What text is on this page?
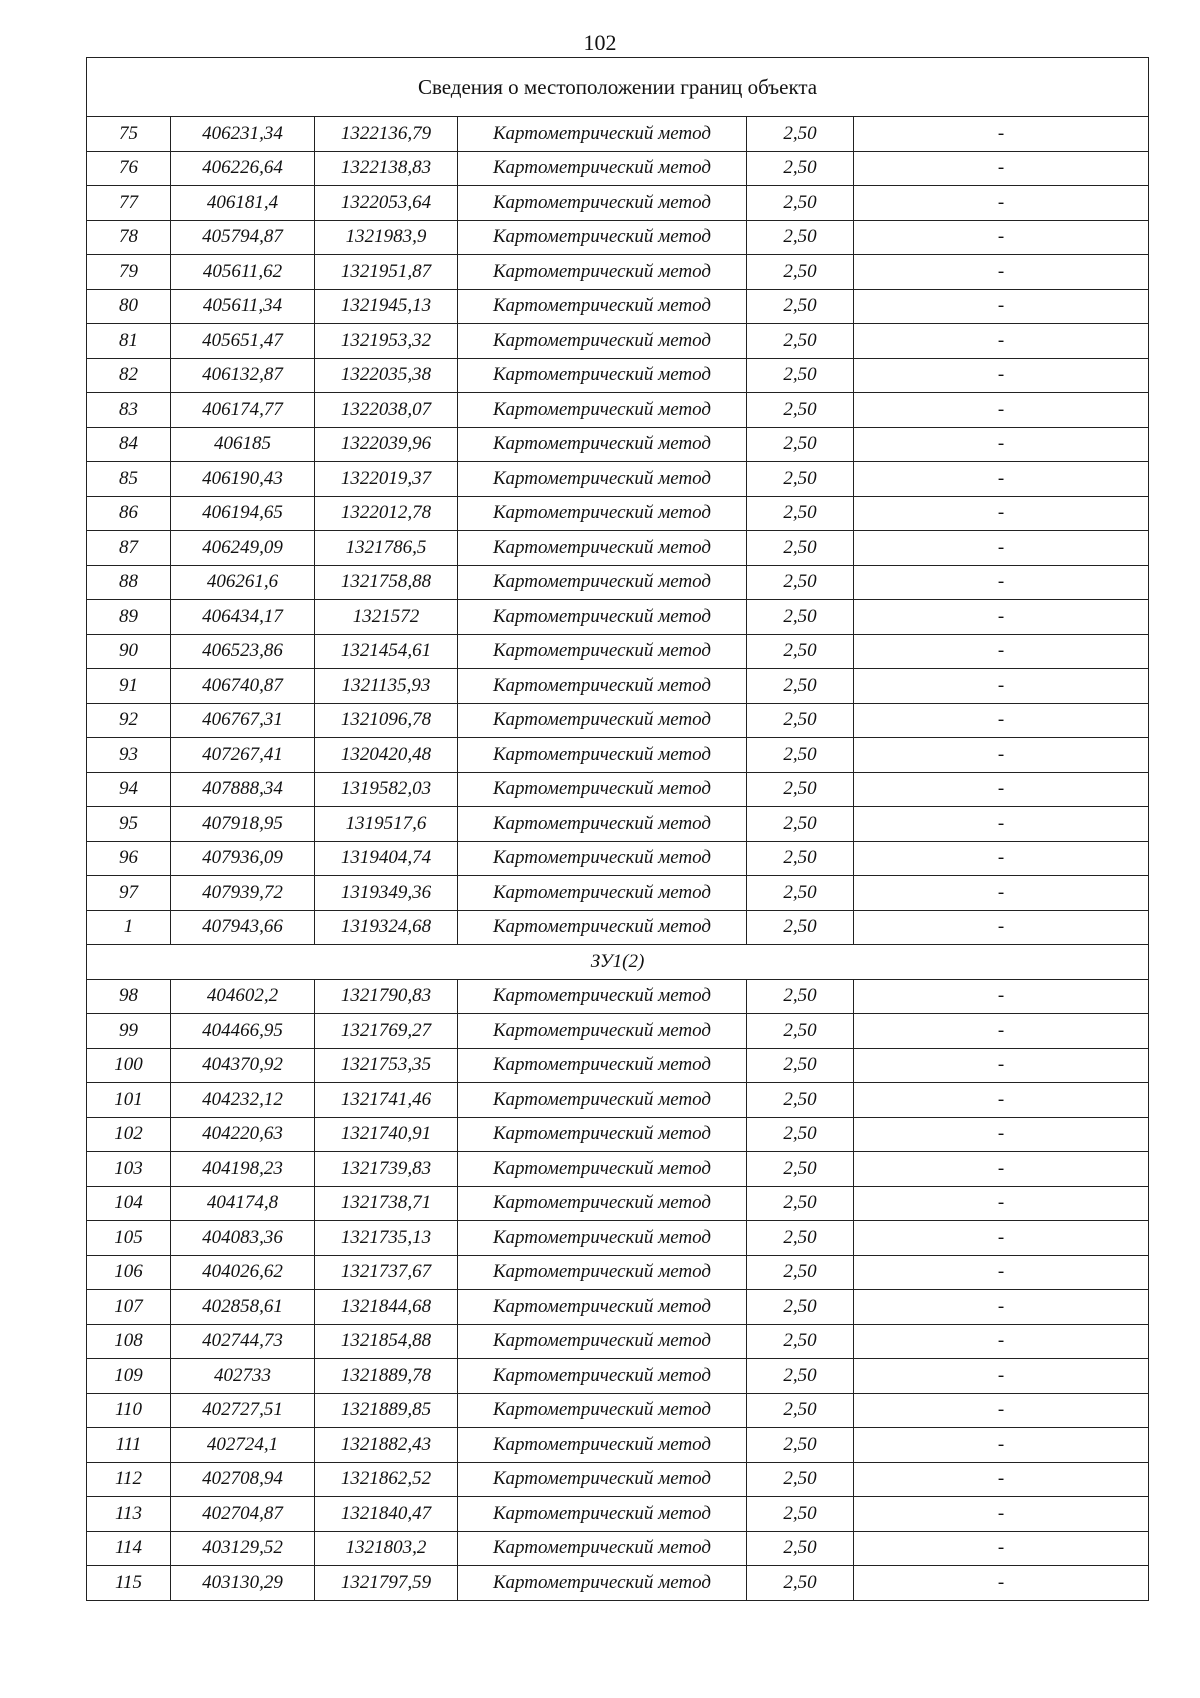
102
Сведения о местоположении границ объекта					
75	406231,34	1322136,79	Картометрический метод	2,50	-
76	406226,64	1322138,83	Картометрический метод	2,50	-
77	406181,4	1322053,64	Картометрический метод	2,50	-
78	405794,87	1321983,9	Картометрический метод	2,50	-
79	405611,62	1321951,87	Картометрический метод	2,50	-
80	405611,34	1321945,13	Картометрический метод	2,50	-
81	405651,47	1321953,32	Картометрический метод	2,50	-
82	406132,87	1322035,38	Картометрический метод	2,50	-
83	406174,77	1322038,07	Картометрический метод	2,50	-
84	406185	1322039,96	Картометрический метод	2,50	-
85	406190,43	1322019,37	Картометрический метод	2,50	-
86	406194,65	1322012,78	Картометрический метод	2,50	-
87	406249,09	1321786,5	Картометрический метод	2,50	-
88	406261,6	1321758,88	Картометрический метод	2,50	-
89	406434,17	1321572	Картометрический метод	2,50	-
90	406523,86	1321454,61	Картометрический метод	2,50	-
91	406740,87	1321135,93	Картометрический метод	2,50	-
92	406767,31	1321096,78	Картометрический метод	2,50	-
93	407267,41	1320420,48	Картометрический метод	2,50	-
94	407888,34	1319582,03	Картометрический метод	2,50	-
95	407918,95	1319517,6	Картометрический метод	2,50	-
96	407936,09	1319404,74	Картометрический метод	2,50	-
97	407939,72	1319349,36	Картометрический метод	2,50	-
1	407943,66	1319324,68	Картометрический метод	2,50	-
ЗУ1(2)					
98	404602,2	1321790,83	Картометрический метод	2,50	-
99	404466,95	1321769,27	Картометрический метод	2,50	-
100	404370,92	1321753,35	Картометрический метод	2,50	-
101	404232,12	1321741,46	Картометрический метод	2,50	-
102	404220,63	1321740,91	Картометрический метод	2,50	-
103	404198,23	1321739,83	Картометрический метод	2,50	-
104	404174,8	1321738,71	Картометрический метод	2,50	-
105	404083,36	1321735,13	Картометрический метод	2,50	-
106	404026,62	1321737,67	Картометрический метод	2,50	-
107	402858,61	1321844,68	Картометрический метод	2,50	-
108	402744,73	1321854,88	Картометрический метод	2,50	-
109	402733	1321889,78	Картометрический метод	2,50	-
110	402727,51	1321889,85	Картометрический метод	2,50	-
111	402724,1	1321882,43	Картометрический метод	2,50	-
112	402708,94	1321862,52	Картометрический метод	2,50	-
113	402704,87	1321840,47	Картометрический метод	2,50	-
114	403129,52	1321803,2	Картометрический метод	2,50	-
115	403130,29	1321797,59	Картометрический метод	2,50	-
